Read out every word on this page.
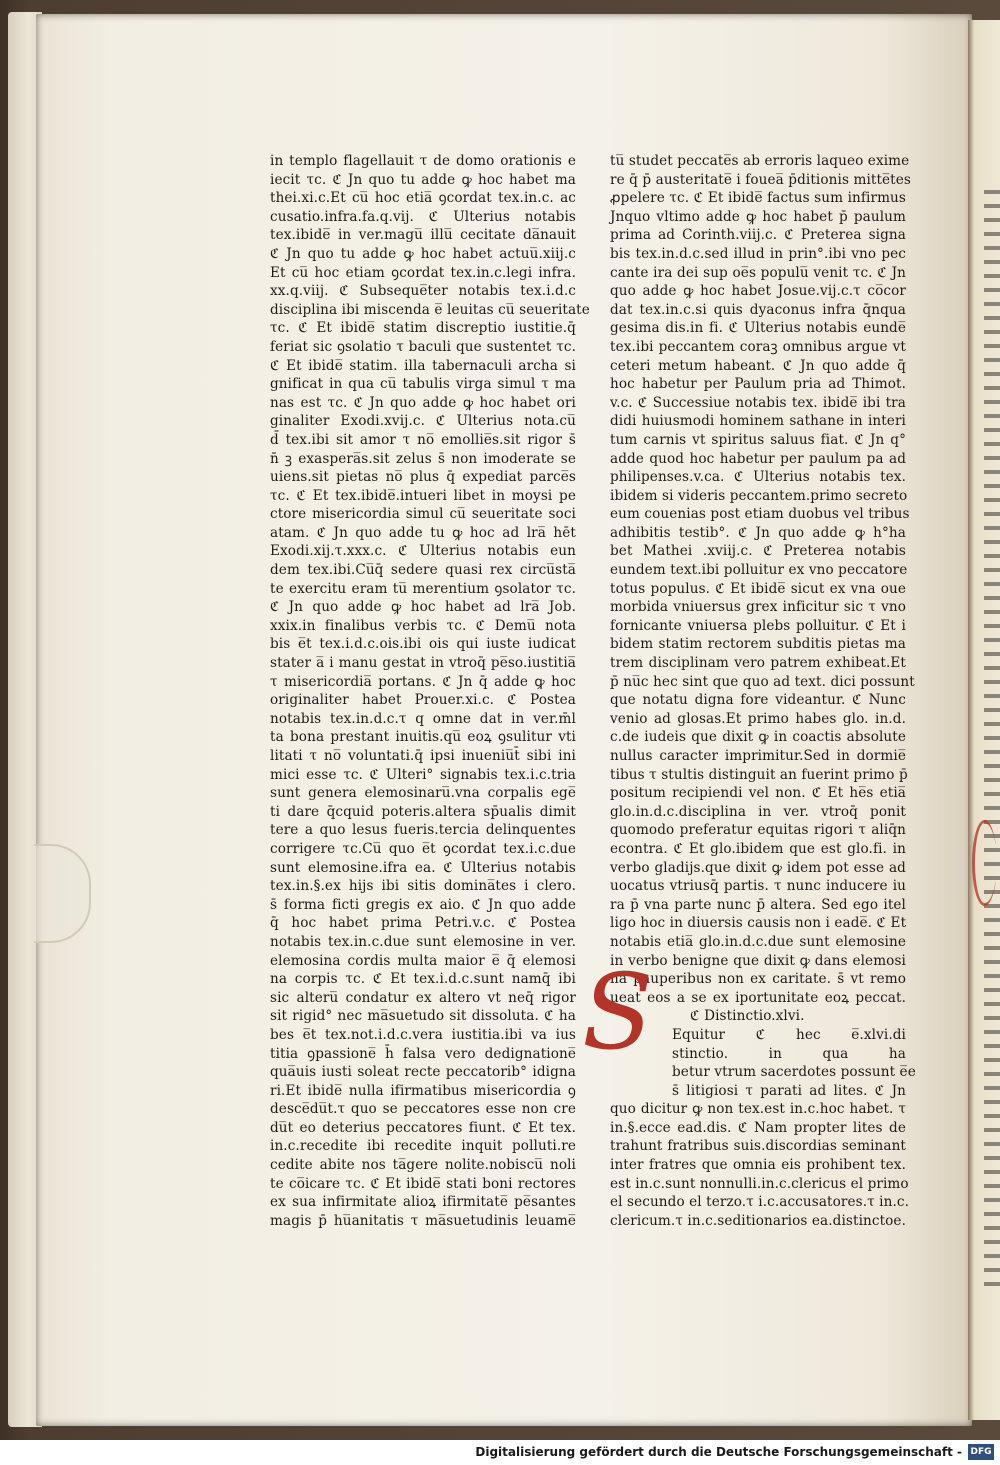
in templo flagellauit τ de domo orationis e
iecit τc. ℭ Jn quo tu adde ꝙ hoc habet ma
thei.xi.c.Et cu̅ hoc etia̅ ꝯcordat tex.in.c. ac
cusatio.infra.fa.q.vij. ℭ Ulterius notabis
tex.ibide̅ in ver.magu̅ illu̅ cecitate da̅nauit
ℭ Jn quo tu adde ꝙ hoc habet actuu̅.xiij.c
Et cu̅ hoc etiam ꝯcordat tex.in.c.legi infra.
xx.q.viij. ℭ Subseque̅ter notabis tex.i.d.c
disciplina ibi miscenda e̅ leuitas cu̅ seueritate
τc. ℭ Et ibide̅ statim discreptio iustitie.q̄
feriat sic ꝯsolatio τ baculi que sustentet τc.
ℭ Et ibide̅ statim. illa tabernaculi archa si
gnificat in qua cu̅ tabulis virga simul τ ma
nas est τc. ℭ Jn quo adde ꝙ hoc habet ori
ginaliter Exodi.xvij.c. ℭ Ulterius nota.cu̅
d̄ tex.ibi sit amor τ no̅ emollie̅s.sit rigor s̄
n̄ ꝫ exaspera̅s.sit zelus s̄ non imoderate se
uiens.sit pietas no̅ plus q̄ expediat parce̅s
τc. ℭ Et tex.ibide̅.intueri libet in moysi pe
ctore misericordia simul cu̅ seueritate soci
atam. ℭ Jn quo adde tu ꝙ hoc ad lra̅ hēt
Exodi.xij.τ.xxx.c. ℭ Ulterius notabis eun
dem tex.ibi.Cu̅q̄ sedere quasi rex circu̅sta̅
te exercitu eram tu̅ merentium ꝯsolator τc.
ℭ Jn quo adde ꝙ hoc habet ad lra̅ Job.
xxix.in finalibus verbis τc. ℭ Demu̅ nota
bis e̅t tex.i.d.c.ois.ibi ois qui iuste iudicat
stater a̅ i manu gestat in vtroq̄ pe̅so.iustitia̅
τ misericordia̅ portans. ℭ Jn q̄ adde ꝙ hoc
originaliter habet Prouer.xi.c. ℭ Postea
notabis tex.in.d.c.τ q omne dat in ver.m̄l
ta bona prestant inuitis.qu̅ eoꝝ ꝯsulitur vti
litati τ no̅ voluntati.q̄ ipsi inueniu̅t̄ sibi ini
mici esse τc. ℭ Ulteri° signabis tex.i.c.tria
sunt genera elemosinaru̅.vna corpalis ege̅
ti dare q̄cquid poteris.altera sp̄ualis dimit
tere a quo lesus fueris.tercia delinquentes
corrigere τc.Cu̅ quo e̅t ꝯcordat tex.i.c.due
sunt elemosine.ifra ea. ℭ Ulterius notabis
tex.in.§.ex hijs ibi sitis domina̅tes i clero.
s̄ forma ficti gregis ex aio. ℭ Jn quo adde
q̄ hoc habet prima Petri.v.c. ℭ Postea
notabis tex.in.c.due sunt elemosine in ver.
elemosina cordis multa maior e̅ q̄ elemosi
na corpis τc. ℭ Et tex.i.d.c.sunt namq̄ ibi
sic alteru̅ condatur ex altero vt neq̄ rigor
sit rigid° nec ma̅suetudo sit dissoluta. ℭ ha
bes e̅t tex.not.i.d.c.vera iustitia.ibi va ius
titia ꝯpassione̅ h̄ falsa vero dedignatione̅
qua̅uis iusti soleat recte peccatorib° idigna
ri.Et ibide̅ nulla ifirmatibus misericordia ꝯ
desce̅du̅t.τ quo se peccatores esse non cre
du̅t eo deterius peccatores fiunt. ℭ Et tex.
in.c.recedite ibi recedite inquit polluti.re
cedite abite nos ta̅gere nolite.nobiscu̅ noli
te co̅icare τc. ℭ Et ibide̅ stati boni rectores
ex sua infirmitate alioꝝ ifirmitate̅ pe̅santes
magis p̄ hu̅anitatis τ ma̅suetudinis leuame̅
tu̅ studet peccate̅s ab erroris laqueo exime
re q̄ p̄ austeritate̅ i fouea̅ p̄ditionis mitte̅tes
ꝓpelere τc. ℭ Et ibide̅ factus sum infirmus
Jnquo vltimo adde ꝙ hoc habet p̄ paulum
prima ad Corinth.viij.c. ℭ Preterea signa
bis tex.in.d.c.sed illud in prin°.ibi vno pec
cante ira dei sup oe̅s populu̅ venit τc. ℭ Jn
quo adde ꝙ hoc habet Josue.vij.c.τ co̅cor
dat tex.in.c.si quis dyaconus infra q̄nqua
gesima dis.in fi. ℭ Ulterius notabis eunde̅
tex.ibi peccantem coraꝫ omnibus argue vt
ceteri metum habeant. ℭ Jn quo adde q̄
hoc habetur per Paulum pria ad Thimot.
v.c. ℭ Successiue notabis tex. ibide̅ ibi tra
didi huiusmodi hominem sathane in interi
tum carnis vt spiritus saluus fiat. ℭ Jn q°
adde quod hoc habetur per paulum pa ad
philipenses.v.ca. ℭ Ulterius notabis tex.
ibidem si videris peccantem.primo secreto
eum couenias post etiam duobus vel tribus
adhibitis testib°. ℭ Jn quo adde ꝙ h°ha
bet Mathei .xviij.c. ℭ Preterea notabis
eundem text.ibi polluitur ex vno peccatore
totus populus. ℭ Et ibide̅ sicut ex vna oue
morbida vniuersus grex inficitur sic τ vno
fornicante vniuersa plebs polluitur. ℭ Et i
bidem statim rectorem subditis pietas ma
trem disciplinam vero patrem exhibeat.Et
p̄ nu̅c hec sint que quo ad text. dici possunt
que notatu digna fore videantur. ℭ Nunc
venio ad glosas.Et primo habes glo. in.d.
c.de iudeis que dixit ꝙ in coactis absolute
nullus caracter imprimitur.Sed in dormie̅
tibus τ stultis distinguit an fuerint primo p̄
positum recipiendi vel non. ℭ Et he̅s etia̅
glo.in.d.c.disciplina in ver. vtroq̄ ponit
quomodo preferatur equitas rigori τ aliq̄n
econtra. ℭ Et glo.ibidem que est glo.fi. in
verbo gladijs.que dixit ꝙ idem pot esse ad
uocatus vtriusq̄ partis. τ nunc inducere iu
ra p̄ vna parte nunc p̄ altera. Sed ego itel
ligo hoc in diuersis causis non i eade̅. ℭ Et
notabis etia̅ glo.in.d.c.due sunt elemosine
in verbo benigne que dixit ꝙ dans elemosi
na̅ pauperibus non ex caritate. s̄ vt remo
ueat eos a se ex iportunitate eoꝝ peccat.
ℭ Distinctio.xlvi.
Equitur ℭ hec e̅.xlvi.di
stinctio. in qua ha
betur vtrum sacerdotes possunt e̅e
s̄ litigiosi τ parati ad lites. ℭ Jn
quo dicitur ꝙ non tex.est in.c.hoc habet. τ
in.§.ecce ead.dis. ℭ Nam propter lites de
trahunt fratribus suis.discordias seminant
inter fratres que omnia eis prohibent tex.
est in.c.sunt nonnulli.in.c.clericus el primo
el secundo el terzo.τ i.c.accusatores.τ in.c.
clericum.τ in.c.seditionarios ea.distinctoe.
S
Digitalisierung gefördert durch die Deutsche Forschungsgemeinschaft - DFG
